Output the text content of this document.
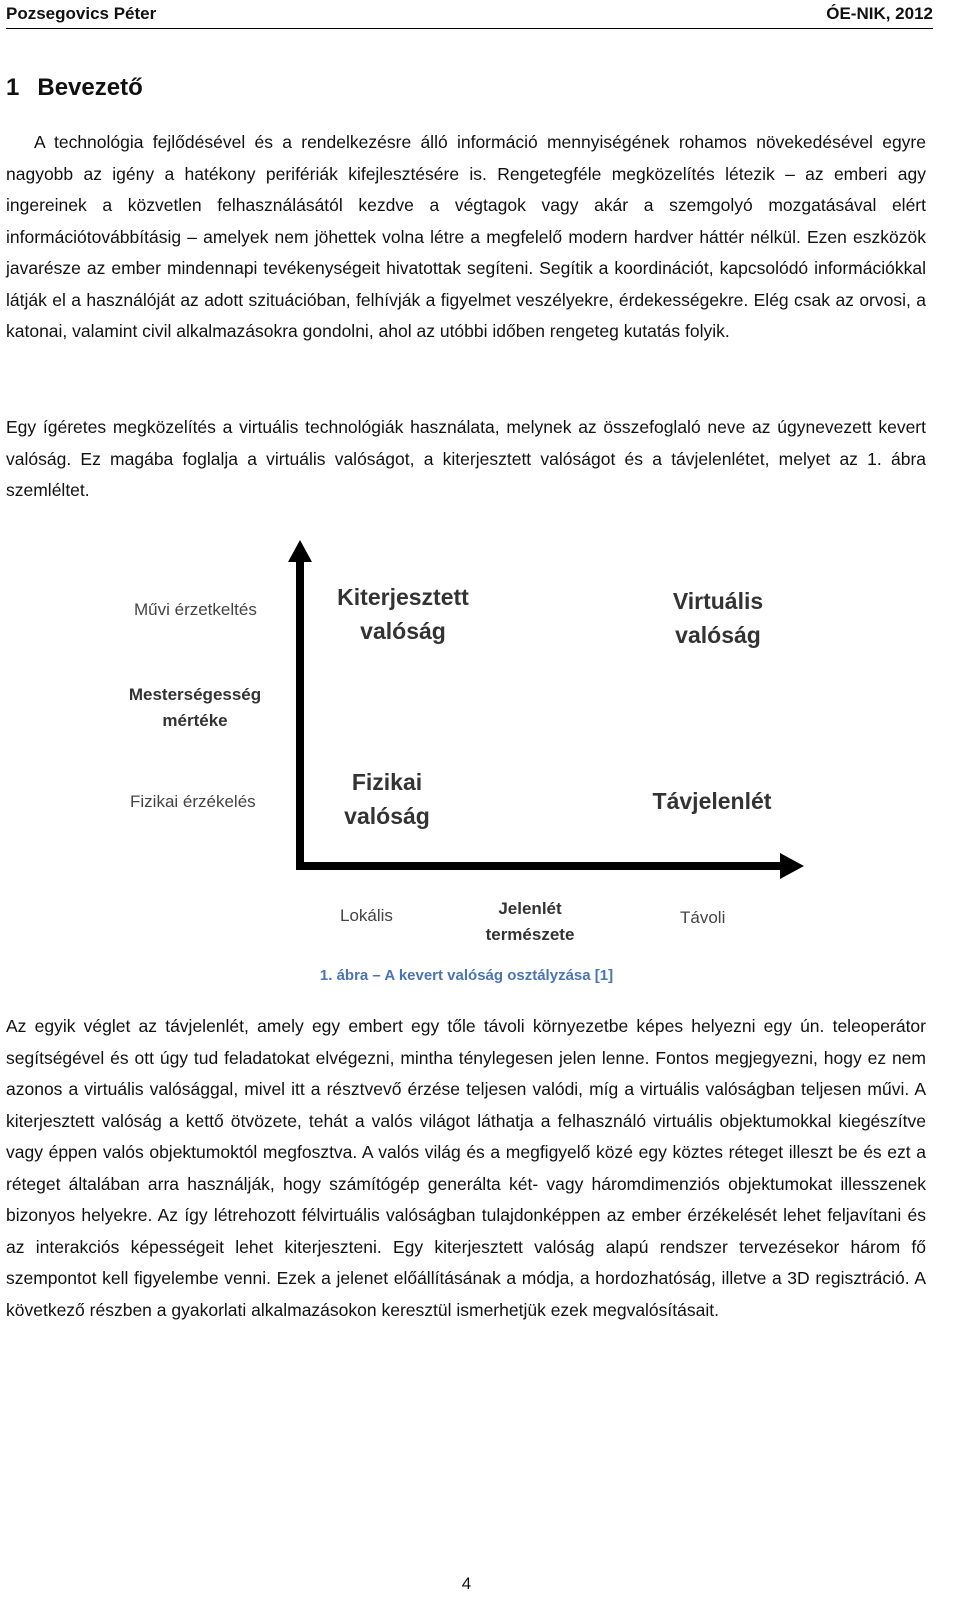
Pozsegovics Péter	ÓE-NIK, 2012
1 Bevezető

A technológia fejlődésével és a rendelkezésre álló információ mennyiségének rohamos növekedésével egyre nagyobb az igény a hatékony perifériák kifejlesztésére is. Rengetegféle megközelítés létezik – az emberi agy ingereinek a közvetlen felhasználásától kezdve a végtagok vagy akár a szemgolyó mozgatásával elért információtovábbításig – amelyek nem jöhettek volna létre a megfelelő modern hardver háttér nélkül. Ezen eszközök javarésze az ember mindennapi tevékenységeit hivatottak segíteni. Segítik a koordinációt, kapcsolódó információkkal látják el a használóját az adott szituációban, felhívják a figyelmet veszélyekre, érdekességekre. Elég csak az orvosi, a katonai, valamint civil alkalmazásokra gondolni, ahol az utóbbi időben rengeteg kutatás folyik.

Egy ígéretes megközelítés a virtuális technológiák használata, melynek az összefoglaló neve az úgynevezett kevert valóság. Ez magába foglalja a virtuális valóságot, a kiterjesztett valóságot és a távjelenlétet, melyet az 1. ábra szemléltet.

Művi érzetkeltés
Mesterségesség
mértéke
Fizikai érzékelés
Kiterjesztett
valóság
Virtuális
valóság
Fizikai
valóság
Távjelenlét
Lokális	Jelenlét
természete
Távoli
1. ábra – A kevert valóság osztályzása [1]

Az egyik véglet az távjelenlét, amely egy embert egy tőle távoli környezetbe képes helyezni egy ún. teleoperátor segítségével és ott úgy tud feladatokat elvégezni, mintha ténylegesen jelen lenne. Fontos megjegyezni, hogy ez nem azonos a virtuális valósággal, mivel itt a résztvevő érzése teljesen valódi, míg a virtuális valóságban teljesen művi. A kiterjesztett valóság a kettő ötvözete, tehát a valós világot láthatja a felhasználó virtuális objektumokkal kiegészítve vagy éppen valós objektumoktól megfosztva. A valós világ és a megfigyelő közé egy köztes réteget illeszt be és ezt a réteget általában arra használják, hogy számítógép generálta két- vagy háromdimenziós objektumokat illesszenek bizonyos helyekre. Az így létrehozott félvirtuális valóságban tulajdonképpen az ember érzékelését lehet feljavítani és az interakciós képességeit lehet kiterjeszteni. Egy kiterjesztett valóság alapú rendszer tervezésekor három fő szempontot kell figyelembe venni. Ezek a jelenet előállításának a módja, a hordozhatóság, illetve a 3D regisztráció. A következő részben a gyakorlati alkalmazásokon keresztül ismerhetjük ezek megvalósításait.

4
